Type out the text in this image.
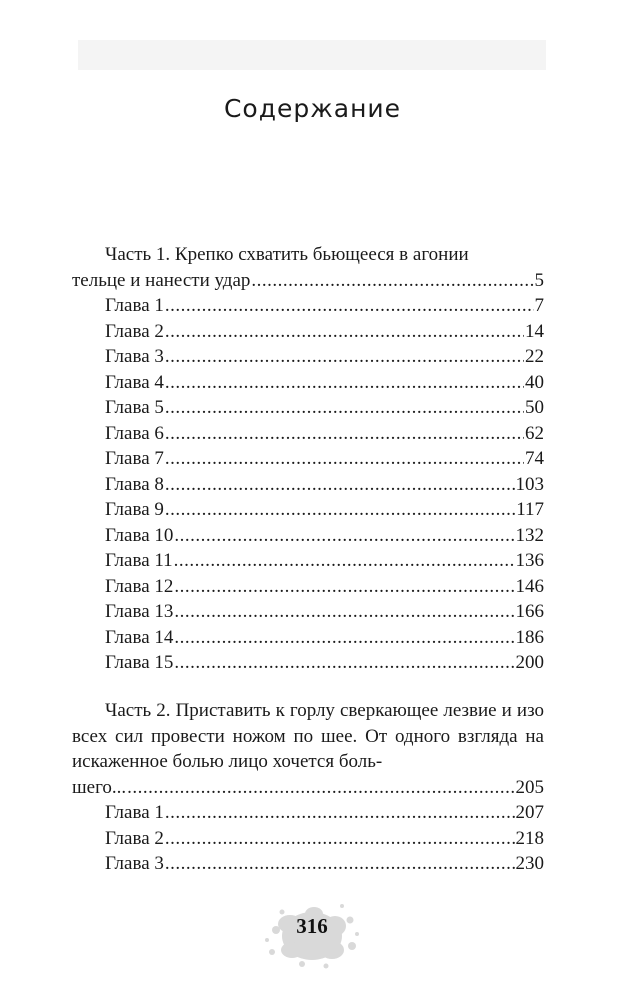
Содержание

Часть 1. Крепко схватить бьющееся в агонии

тельце и нанести удар .....	5
Глава 1 .....	7
Глава 2 .....	14
Глава 3 .....	22
Глава 4 .....	40
Глава 5 .....	50
Глава 6 .....	62
Глава 7 .....	74
Глава 8 .....	103
Глава 9 .....	117
Глава 10 .....	132
Глава 11 .....	136
Глава 12 .....	146
Глава 13 .....	166
Глава 14 .....	186
Глава 15 .....	200

Часть 2. Приставить к горлу сверкающее лезвие и изо всех сил провести ножом по шее. От одного взгляда на искаженное болью лицо хочется боль-

шего... .....	205
Глава 1 .....	207
Глава 2 .....	218
Глава 3 .....	230
316
